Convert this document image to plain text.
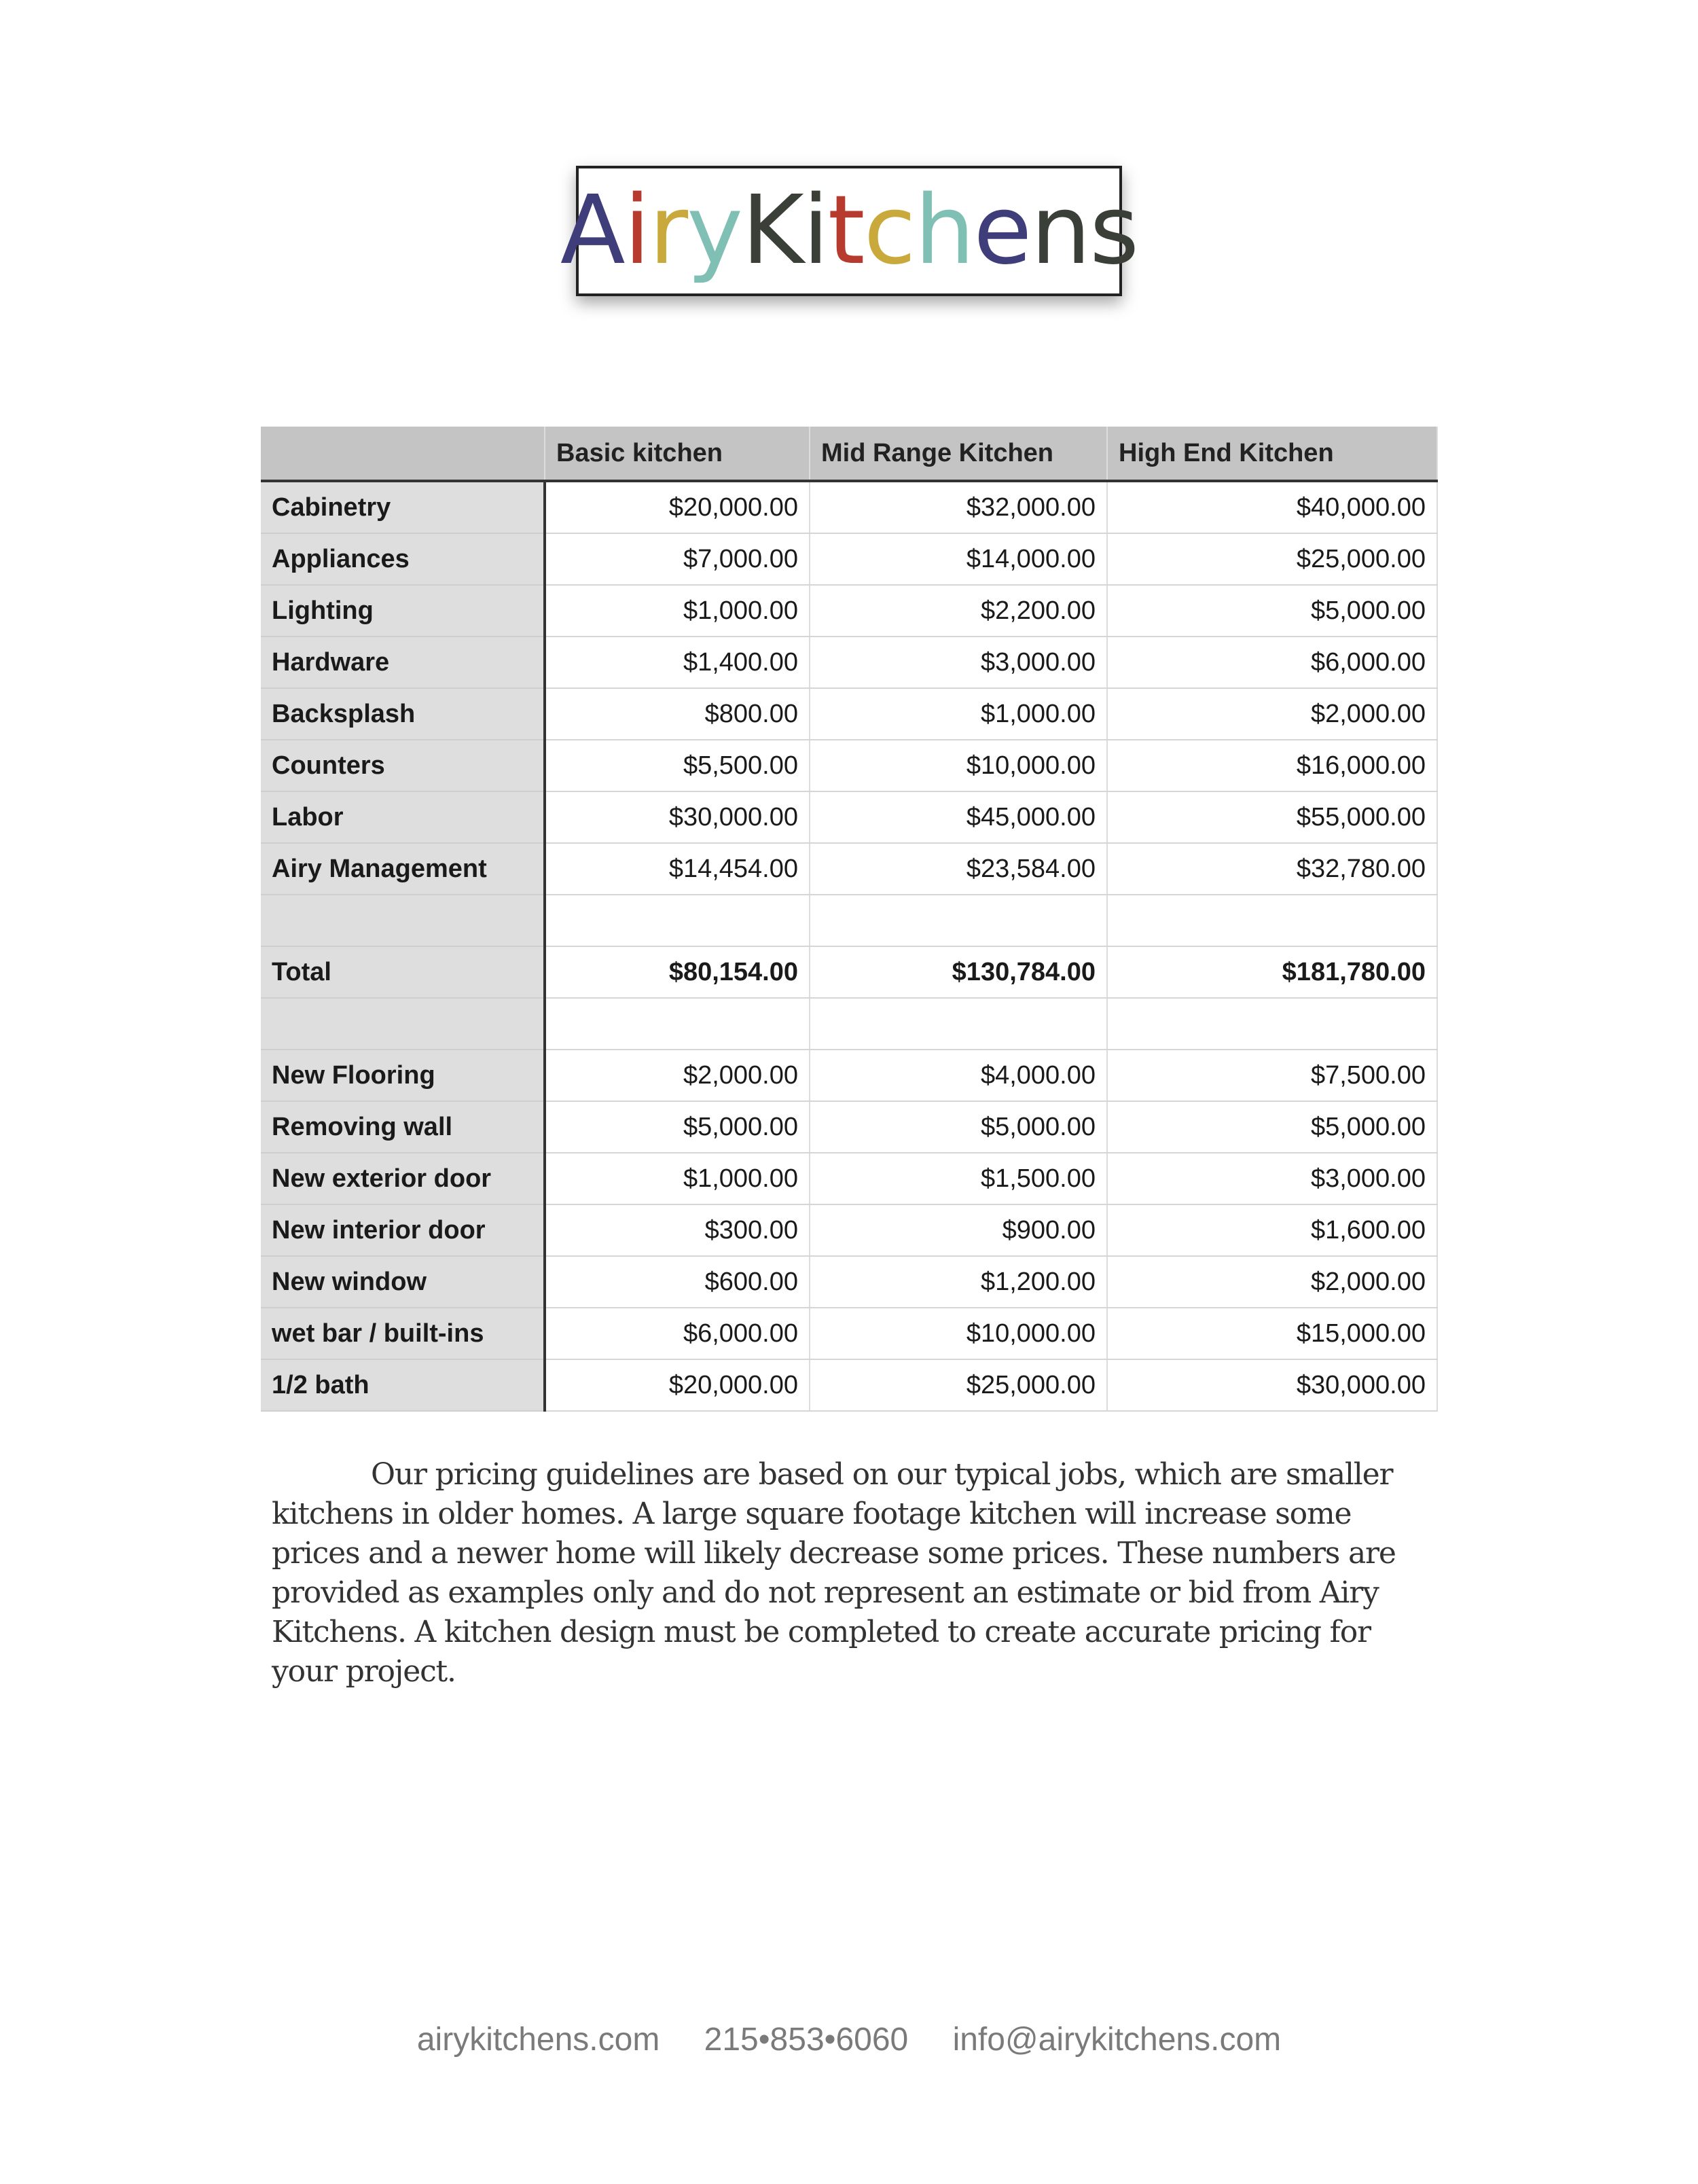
A i r y K i t c h e n s
	Basic kitchen	Mid Range Kitchen	High End Kitchen
Cabinetry	$20,000.00	$32,000.00	$40,000.00
Appliances	$7,000.00	$14,000.00	$25,000.00
Lighting	$1,000.00	$2,200.00	$5,000.00
Hardware	$1,400.00	$3,000.00	$6,000.00
Backsplash	$800.00	$1,000.00	$2,000.00
Counters	$5,500.00	$10,000.00	$16,000.00
Labor	$30,000.00	$45,000.00	$55,000.00
Airy Management	$14,454.00	$23,584.00	$32,780.00

Total	$80,154.00	$130,784.00	$181,780.00

New Flooring	$2,000.00	$4,000.00	$7,500.00
Removing wall	$5,000.00	$5,000.00	$5,000.00
New exterior door	$1,000.00	$1,500.00	$3,000.00
New interior door	$300.00	$900.00	$1,600.00
New window	$600.00	$1,200.00	$2,000.00
wet bar / built-ins	$6,000.00	$10,000.00	$15,000.00
1/2 bath	$20,000.00	$25,000.00	$30,000.00

Our pricing guidelines are based on our typical jobs, which are smaller kitchens in older homes. A large square footage kitchen will increase some prices and a newer home will likely decrease some prices. These numbers are provided as examples only and do not represent an estimate or bid from Airy Kitchens. A kitchen design must be completed to create accurate pricing for your project.

airykitchens.com 215•853•6060 info@airykitchens.com
